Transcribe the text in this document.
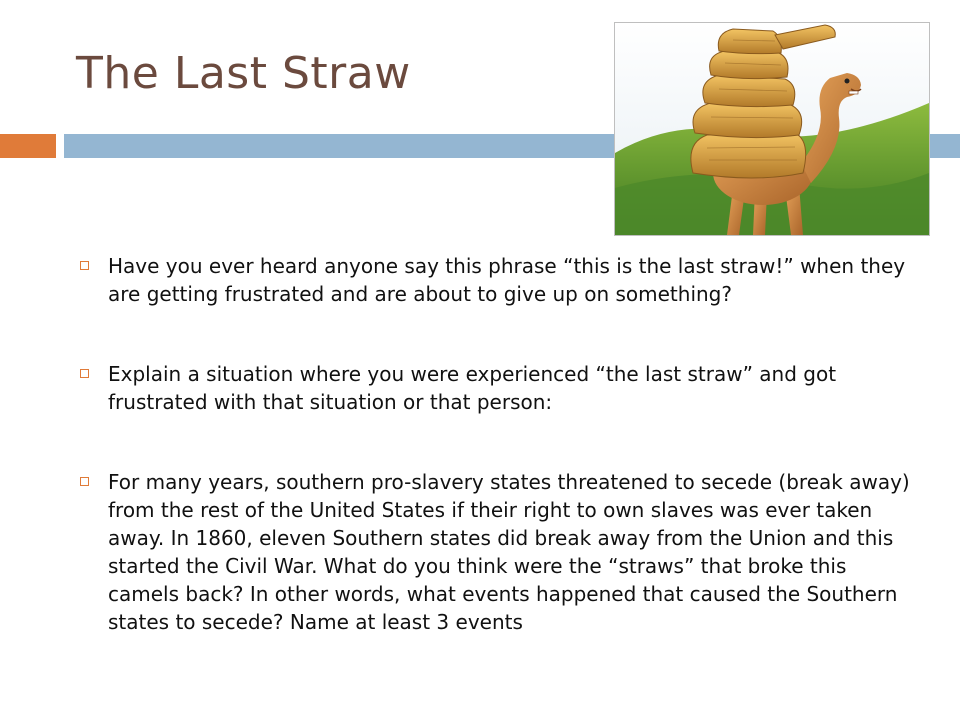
The Last Straw
Have you ever heard anyone say this phrase “this is the last straw!” when they are getting frustrated and are about to give up on something?
Explain a situation where you were experienced “the last straw” and got frustrated with that situation or that person:
For many years, southern pro-slavery states threatened to secede (break away) from the rest of the United States if their right to own slaves was ever taken away. In 1860, eleven Southern states did break away from the Union and this started the Civil War. What do you think were the “straws” that broke this camels back? In other words, what events happened that caused the Southern states to secede? Name at least 3 events
